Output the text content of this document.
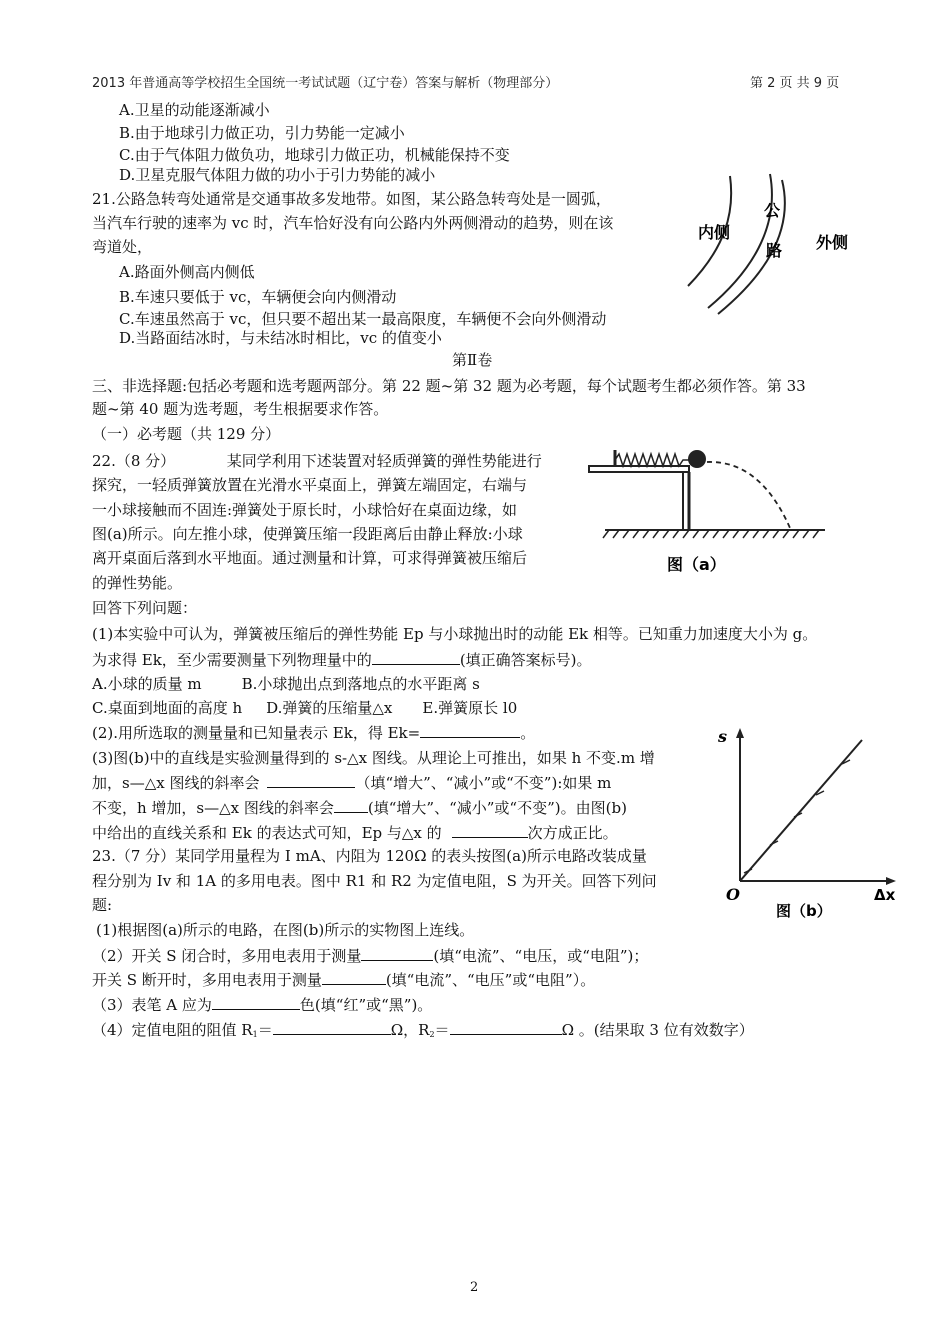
2013 年普通高等学校招生全国统一考试试题（辽宁卷）答案与解析（物理部分）	第 2 页 共 9 页
A.卫星的动能逐渐减小
B.由于地球引力做正功，引力势能一定减小
C.由于气体阻力做负功，地球引力做正功，机械能保持不变
D.卫星克服气体阻力做的功小于引力势能的减小
21.公路急转弯处通常是交通事故多发地带。如图，某公路急转弯处是一圆弧，
当汽车行驶的速率为 vc 时，汽车恰好没有向公路内外两侧滑动的趋势，则在该
弯道处，
A.路面外侧高内侧低
B.车速只要低于 vc，车辆便会向内侧滑动
C.车速虽然高于 vc，但只要不超出某一最高限度，车辆便不会向外侧滑动
D.当路面结冰时，与未结冰时相比，vc 的值变小
内侧
公
路 外侧
第Ⅱ卷
三、非选择题:包括必考题和选考题两部分。第 22 题~第 32 题为必考题，每个试题考生都必须作答。第 33
题~第 40 题为选考题，考生根据要求作答。
（一）必考题（共 129 分）
22.（8 分）	某同学利用下述装置对轻质弹簧的弹性势能进行
探究，一轻质弹簧放置在光滑水平桌面上，弹簧左端固定，右端与
一小球接触而不固连:弹簧处于原长时，小球恰好在桌面边缘，如
图(a)所示。向左推小球，使弹簧压缩一段距离后由静止释放:小球
离开桌面后落到水平地面。通过测量和计算，可求得弹簧被压缩后
的弹性势能。
图（a）
回答下列问题：
(1)本实验中可认为，弹簧被压缩后的弹性势能 Ep 与小球抛出时的动能 Ek 相等。已知重力加速度大小为 g。
为求得 Ek，至少需要测量下列物理量中的	(填正确答案标号)。
A.小球的质量 m	B.小球抛出点到落地点的水平距离 s
C.桌面到地面的高度 h D.弹簧的压缩量△x E.弹簧原长 l0
(2).用所选取的测量量和已知量表示 Ek，得 Ek=	。
(3)图(b)中的直线是实验测量得到的 s-△x 图线。从理论上可推出，如果 h 不变.m 增
加，s—△x 图线的斜率会	（填“增大”、“减小”或“不变”):如果 m
不变，h 增加，s—△x 图线的斜率会 (填“增大”、“减小”或“不变”)。由图(b)
中给出的直线关系和 Ek 的表达式可知，Ep 与△x 的	次方成正比。
s
O	Δx
图（b）
23.（7 分）某同学用量程为 I mA、内阻为 120Ω 的表头按图(a)所示电路改装成量
程分别为 Iv 和 1A 的多用电表。图中 R1 和 R2 为定值电阻，S 为开关。回答下列问
题:
(1)根据图(a)所示的电路，在图(b)所示的实物图上连线。
（2）开关 S 闭合时，多用电表用于测量	(填“电流”、“电压，或“电阻”)；
开关 S 断开时，多用电表用于测量	(填“电流”、“电压”或“电阻”）。
（3）表笔 A 应为	色(填“红”或“黑”)。
（4）定值电阻的阻值 $R_1=$	Ω，$R_2=$	Ω 。(结果取 3 位有效数字）
2
